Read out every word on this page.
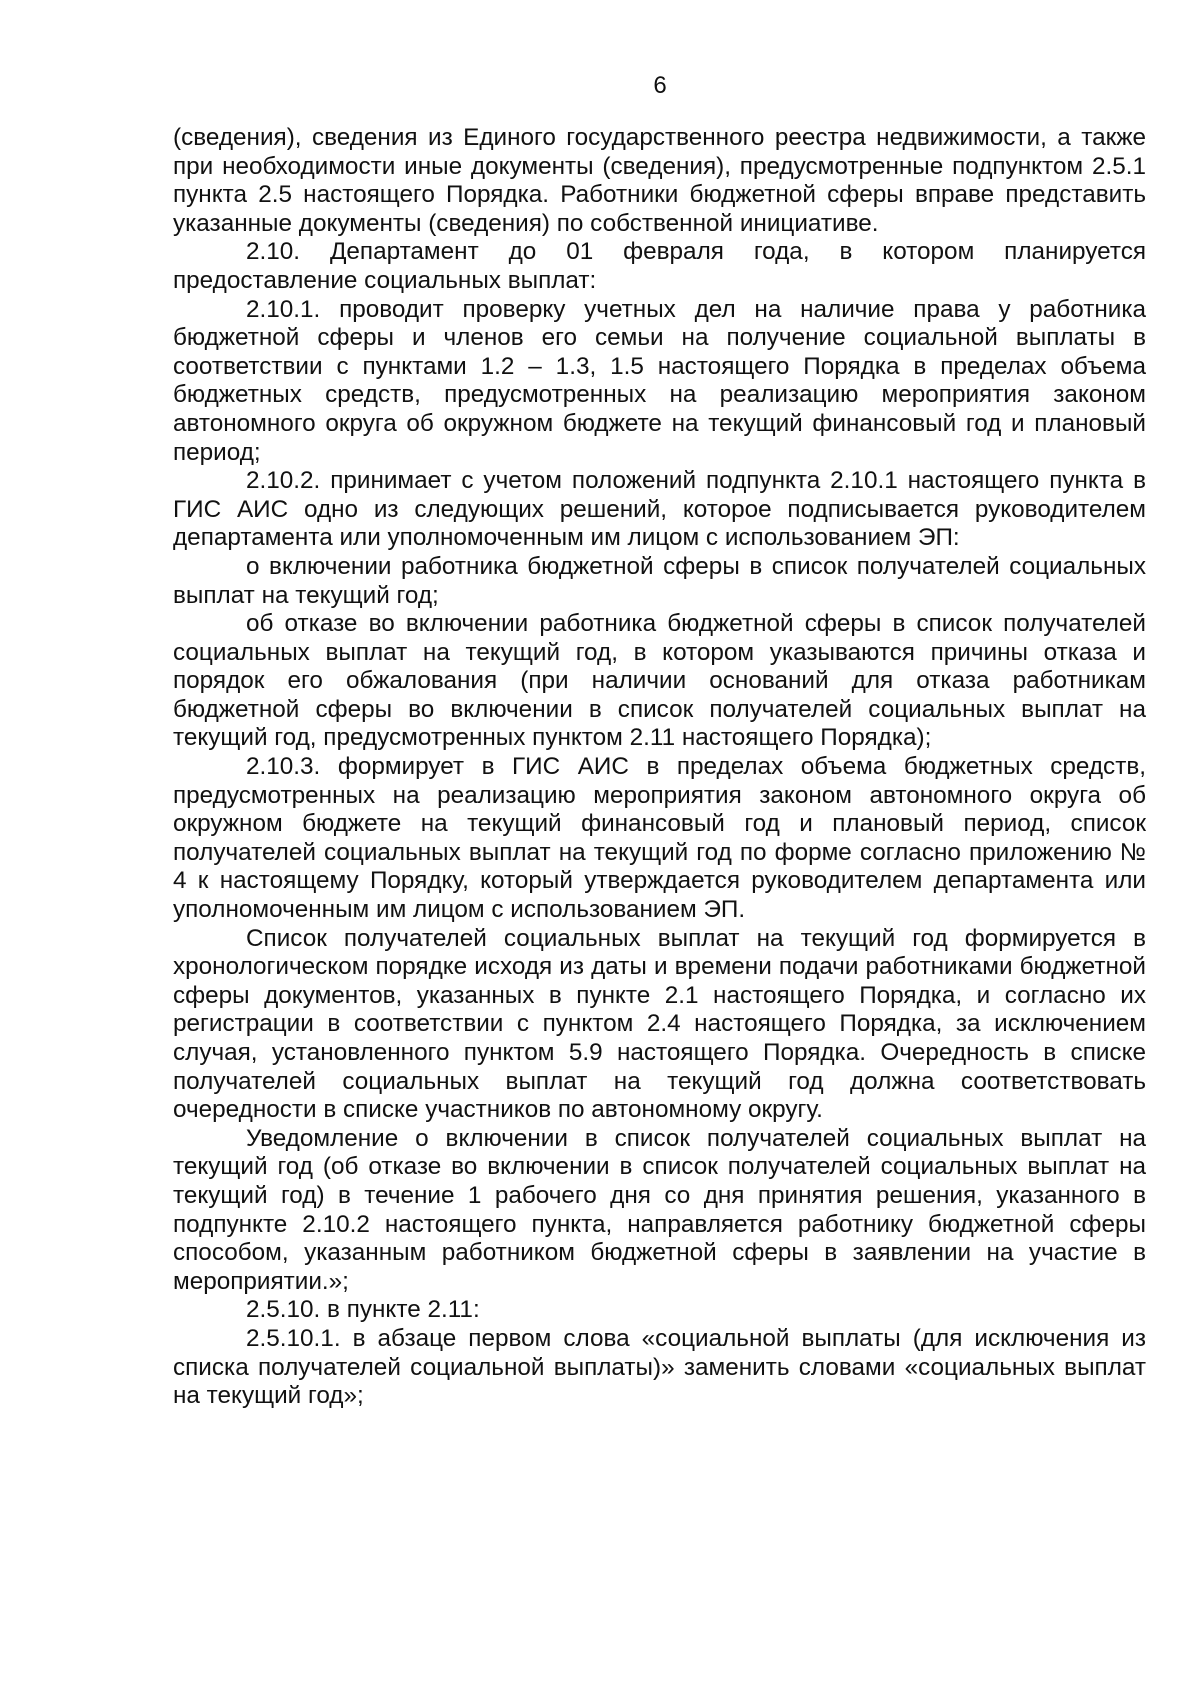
6

(сведения), сведения из Единого государственного реестра недвижимости, а также при необходимости иные документы (сведения), предусмотренные подпунктом 2.5.1 пункта 2.5 настоящего Порядка. Работники бюджетной сферы вправе представить указанные документы (сведения) по собственной инициативе.

2.10. Департамент до 01 февраля года, в котором планируется предоставление социальных выплат:

2.10.1. проводит проверку учетных дел на наличие права у работника бюджетной сферы и членов его семьи на получение социальной выплаты в соответствии с пунктами 1.2 – 1.3, 1.5 настоящего Порядка в пределах объема бюджетных средств, предусмотренных на реализацию мероприятия законом автономного округа об окружном бюджете на текущий финансовый год и плановый период;

2.10.2. принимает с учетом положений подпункта 2.10.1 настоящего пункта в ГИС АИС одно из следующих решений, которое подписывается руководителем департамента или уполномоченным им лицом с использованием ЭП:

о включении работника бюджетной сферы в список получателей социальных выплат на текущий год;

об отказе во включении работника бюджетной сферы в список получателей социальных выплат на текущий год, в котором указываются причины отказа и порядок его обжалования (при наличии оснований для отказа работникам бюджетной сферы во включении в список получателей социальных выплат на текущий год, предусмотренных пунктом 2.11 настоящего Порядка);

2.10.3. формирует в ГИС АИС в пределах объема бюджетных средств, предусмотренных на реализацию мероприятия законом автономного округа об окружном бюджете на текущий финансовый год и плановый период, список получателей социальных выплат на текущий год по форме согласно приложению № 4 к настоящему Порядку, который утверждается руководителем департамента или уполномоченным им лицом с использованием ЭП.

Список получателей социальных выплат на текущий год формируется в хронологическом порядке исходя из даты и времени подачи работниками бюджетной сферы документов, указанных в пункте 2.1 настоящего Порядка, и согласно их регистрации в соответствии с пунктом 2.4 настоящего Порядка, за исключением случая, установленного пунктом 5.9 настоящего Порядка. Очередность в списке получателей социальных выплат на текущий год должна соответствовать очередности в списке участников по автономному округу.

Уведомление о включении в список получателей социальных выплат на текущий год (об отказе во включении в список получателей социальных выплат на текущий год) в течение 1 рабочего дня со дня принятия решения, указанного в подпункте 2.10.2 настоящего пункта, направляется работнику бюджетной сферы способом, указанным работником бюджетной сферы в заявлении на участие в мероприятии.»;

2.5.10. в пункте 2.11:

2.5.10.1. в абзаце первом слова «социальной выплаты (для исключения из списка получателей социальной выплаты)» заменить словами «социальных выплат на текущий год»;
